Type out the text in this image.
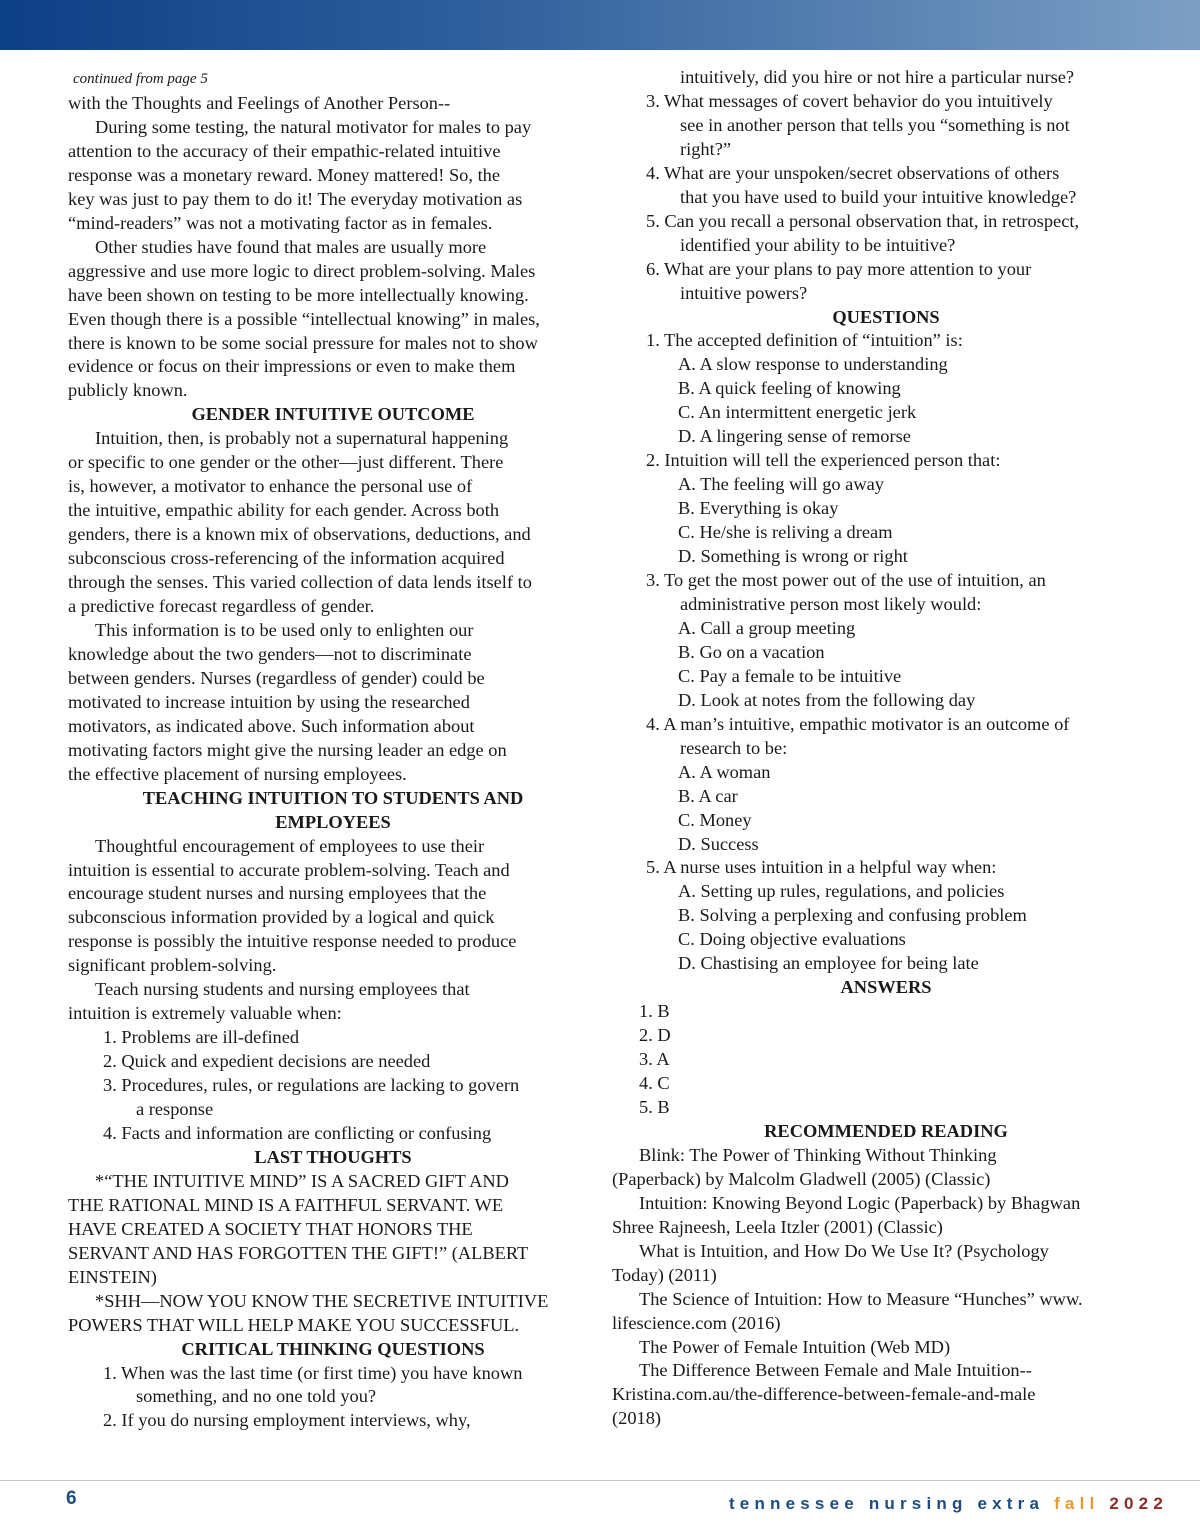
continued from page 5
with the Thoughts and Feelings of Another Person--
During some testing, the natural motivator for males to pay
attention to the accuracy of their empathic-related intuitive
response was a monetary reward. Money mattered! So, the
key was just to pay them to do it! The everyday motivation as
“mind-readers” was not a motivating factor as in females.
Other studies have found that males are usually more
aggressive and use more logic to direct problem-solving. Males
have been shown on testing to be more intellectually knowing.
Even though there is a possible “intellectual knowing” in males,
there is known to be some social pressure for males not to show
evidence or focus on their impressions or even to make them
publicly known.
GENDER INTUITIVE OUTCOME
Intuition, then, is probably not a supernatural happening
or specific to one gender or the other—just different. There
is, however, a motivator to enhance the personal use of
the intuitive, empathic ability for each gender. Across both
genders, there is a known mix of observations, deductions, and
subconscious cross-referencing of the information acquired
through the senses. This varied collection of data lends itself to
a predictive forecast regardless of gender.
This information is to be used only to enlighten our
knowledge about the two genders—not to discriminate
between genders. Nurses (regardless of gender) could be
motivated to increase intuition by using the researched
motivators, as indicated above. Such information about
motivating factors might give the nursing leader an edge on
the effective placement of nursing employees.
TEACHING INTUITION TO STUDENTS AND
EMPLOYEES
Thoughtful encouragement of employees to use their
intuition is essential to accurate problem-solving. Teach and
encourage student nurses and nursing employees that the
subconscious information provided by a logical and quick
response is possibly the intuitive response needed to produce
significant problem-solving.
Teach nursing students and nursing employees that
intuition is extremely valuable when:
1. Problems are ill-defined
2. Quick and expedient decisions are needed
3. Procedures, rules, or regulations are lacking to govern
a response
4. Facts and information are conflicting or confusing
LAST THOUGHTS
*“THE INTUITIVE MIND” IS A SACRED GIFT AND
THE RATIONAL MIND IS A FAITHFUL SERVANT. WE
HAVE CREATED A SOCIETY THAT HONORS THE
SERVANT AND HAS FORGOTTEN THE GIFT!” (ALBERT
EINSTEIN)
*SHH—NOW YOU KNOW THE SECRETIVE INTUITIVE
POWERS THAT WILL HELP MAKE YOU SUCCESSFUL.
CRITICAL THINKING QUESTIONS
1. When was the last time (or first time) you have known
something, and no one told you?
2. If you do nursing employment interviews, why,
intuitively, did you hire or not hire a particular nurse?
3. What messages of covert behavior do you intuitively
see in another person that tells you “something is not
right?”
4. What are your unspoken/secret observations of others
that you have used to build your intuitive knowledge?
5. Can you recall a personal observation that, in retrospect,
identified your ability to be intuitive?
6. What are your plans to pay more attention to your
intuitive powers?
QUESTIONS
1. The accepted definition of “intuition” is:
A. A slow response to understanding
B. A quick feeling of knowing
C. An intermittent energetic jerk
D. A lingering sense of remorse
2. Intuition will tell the experienced person that:
A. The feeling will go away
B. Everything is okay
C. He/she is reliving a dream
D. Something is wrong or right
3. To get the most power out of the use of intuition, an
administrative person most likely would:
A. Call a group meeting
B. Go on a vacation
C. Pay a female to be intuitive
D. Look at notes from the following day
4. A man’s intuitive, empathic motivator is an outcome of
research to be:
A. A woman
B. A car
C. Money
D. Success
5. A nurse uses intuition in a helpful way when:
A. Setting up rules, regulations, and policies
B. Solving a perplexing and confusing problem
C. Doing objective evaluations
D. Chastising an employee for being late
ANSWERS
1. B
2. D
3. A
4. C
5. B
RECOMMENDED READING
Blink: The Power of Thinking Without Thinking
(Paperback) by Malcolm Gladwell (2005) (Classic)
Intuition: Knowing Beyond Logic (Paperback) by Bhagwan
Shree Rajneesh, Leela Itzler (2001) (Classic)
What is Intuition, and How Do We Use It? (Psychology
Today) (2011)
The Science of Intuition: How to Measure “Hunches” www.
lifescience.com (2016)
The Power of Female Intuition (Web MD)
The Difference Between Female and Male Intuition--
Kristina.com.au/the-difference-between-female-and-male
(2018)
6	tennessee nursing extra fall 2022
